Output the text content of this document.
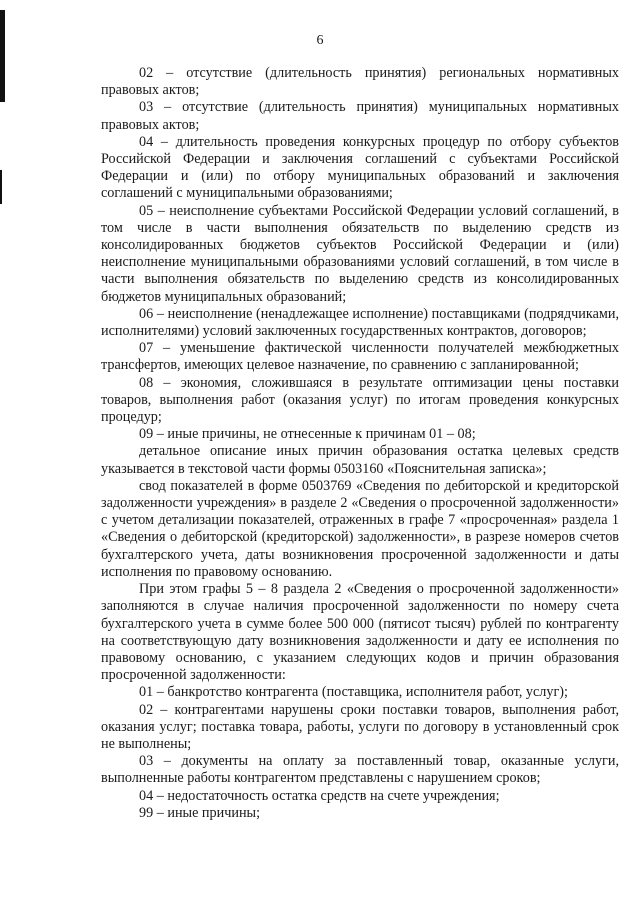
6

02 – отсутствие (длительность принятия) региональных нормативных правовых актов;

03 – отсутствие (длительность принятия) муниципальных нормативных правовых актов;

04 – длительность проведения конкурсных процедур по отбору субъектов Российской Федерации и заключения соглашений с субъектами Российской Федерации и (или) по отбору муниципальных образований и заключения соглашений с муниципальными образованиями;

05 – неисполнение субъектами Российской Федерации условий соглашений, в том числе в части выполнения обязательств по выделению средств из консолидированных бюджетов субъектов Российской Федерации и (или) неисполнение муниципальными образованиями условий соглашений, в том числе в части выполнения обязательств по выделению средств из консолидированных бюджетов муниципальных образований;

06 – неисполнение (ненадлежащее исполнение) поставщиками (подрядчиками, исполнителями) условий заключенных государственных контрактов, договоров;

07 – уменьшение фактической численности получателей межбюджетных трансфертов, имеющих целевое назначение, по сравнению с запланированной;

08 – экономия, сложившаяся в результате оптимизации цены поставки товаров, выполнения работ (оказания услуг) по итогам проведения конкурсных процедур;

09 – иные причины, не отнесенные к причинам 01 – 08;

детальное описание иных причин образования остатка целевых средств указывается в текстовой части формы 0503160 «Пояснительная записка»;

свод показателей в форме 0503769 «Сведения по дебиторской и кредиторской задолженности учреждения» в разделе 2 «Сведения о просроченной задолженности» с учетом детализации показателей, отраженных в графе 7 «просроченная» раздела 1 «Сведения о дебиторской (кредиторской) задолженности», в разрезе номеров счетов бухгалтерского учета, даты возникновения просроченной задолженности и даты исполнения по правовому основанию.

При этом графы 5 – 8 раздела 2 «Сведения о просроченной задолженности» заполняются в случае наличия просроченной задолженности по номеру счета бухгалтерского учета в сумме более 500 000 (пятисот тысяч) рублей по контрагенту на соответствующую дату возникновения задолженности и дату ее исполнения по правовому основанию, с указанием следующих кодов и причин образования просроченной задолженности:

01 – банкротство контрагента (поставщика, исполнителя работ, услуг);

02 – контрагентами нарушены сроки поставки товаров, выполнения работ, оказания услуг; поставка товара, работы, услуги по договору в установленный срок не выполнены;

03 – документы на оплату за поставленный товар, оказанные услуги, выполненные работы контрагентом представлены с нарушением сроков;

04 – недостаточность остатка средств на счете учреждения;

99 – иные причины;
